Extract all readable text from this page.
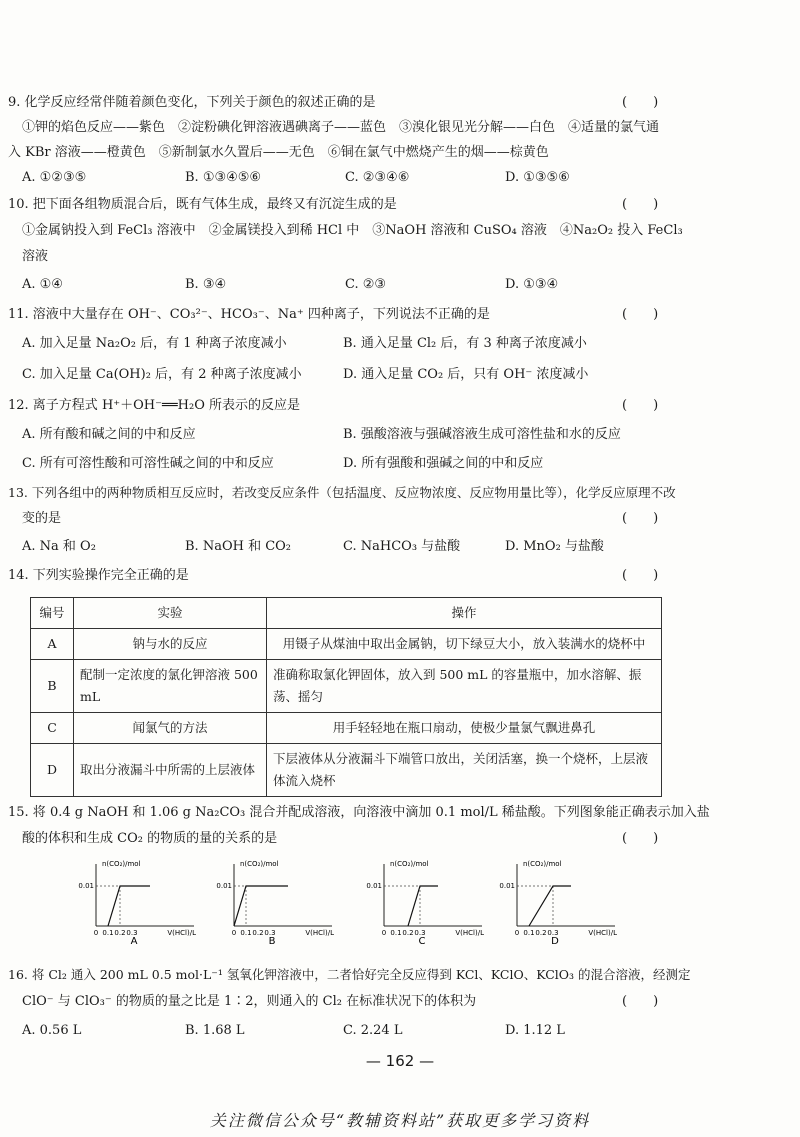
9. 化学反应经常伴随着颜色变化，下列关于颜色的叙述正确的是	(　　)
①钾的焰色反应——紫色　②淀粉碘化钾溶液遇碘离子——蓝色　③溴化银见光分解——白色　④适量的氯气通
入 KBr 溶液——橙黄色　⑤新制氯水久置后——无色　⑥铜在氯气中燃烧产生的烟——棕黄色
A. ①②③⑤	B. ①③④⑤⑥	C. ②③④⑥	D. ①③⑤⑥
10. 把下面各组物质混合后，既有气体生成，最终又有沉淀生成的是	(　　)
①金属钠投入到 FeCl₃ 溶液中　②金属镁投入到稀 HCl 中　③NaOH 溶液和 CuSO₄ 溶液　④Na₂O₂ 投入 FeCl₃
溶液
A. ①④	B. ③④	C. ②③	D. ①③④
11. 溶液中大量存在 OH⁻、CO₃²⁻、HCO₃⁻、Na⁺ 四种离子，下列说法不正确的是	(　　)
A. 加入足量 Na₂O₂ 后，有 1 种离子浓度减小	B. 通入足量 Cl₂ 后，有 3 种离子浓度减小
C. 加入足量 Ca(OH)₂ 后，有 2 种离子浓度减小	D. 通入足量 CO₂ 后，只有 OH⁻ 浓度减小
12. 离子方程式 H⁺＋OH⁻══H₂O 所表示的反应是	(　　)
A. 所有酸和碱之间的中和反应	B. 强酸溶液与强碱溶液生成可溶性盐和水的反应
C. 所有可溶性酸和可溶性碱之间的中和反应	D. 所有强酸和强碱之间的中和反应
13. 下列各组中的两种物质相互反应时，若改变反应条件（包括温度、反应物浓度、反应物用量比等），化学反应原理不改
变的是	(　　)
A. Na 和 O₂	B. NaOH 和 CO₂	C. NaHCO₃ 与盐酸	D. MnO₂ 与盐酸
14. 下列实验操作完全正确的是	(　　)
编号	实验	操作
A	钠与水的反应	用镊子从煤油中取出金属钠，切下绿豆大小，放入装满水的烧杯中
B	配制一定浓度的氯化钾溶液 500 mL	准确称取氯化钾固体，放入到 500 mL 的容量瓶中，加水溶解、振荡、摇匀
C	闻氯气的方法	用手轻轻地在瓶口扇动，使极少量氯气飘进鼻孔
D	取出分液漏斗中所需的上层液体	下层液体从分液漏斗下端管口放出，关闭活塞，换一个烧杯，上层液体流入烧杯
15. 将 0.4 g NaOH 和 1.06 g Na₂CO₃ 混合并配成溶液，向溶液中滴加 0.1 mol/L 稀盐酸。下列图象能正确表示加入盐
酸的体积和生成 CO₂ 的物质的量的关系的是	(　　)
n(CO₂)/mol
0.01
0 0.1 0.2 0.3	V(HCl)/L
A
n(CO₂)/mol
0.01
0 0.1 0.2 0.3	V(HCl)/L
B
n(CO₂)/mol
0.01
0 0.1 0.2 0.3	V(HCl)/L
C
n(CO₂)/mol
0.01
0 0.1 0.2 0.3	V(HCl)/L
D
16. 将 Cl₂ 通入 200 mL 0.5 mol·L⁻¹ 氢氧化钾溶液中，二者恰好完全反应得到 KCl、KClO、KClO₃ 的混合溶液，经测定
ClO⁻ 与 ClO₃⁻ 的物质的量之比是 1∶2，则通入的 Cl₂ 在标准状况下的体积为	(　　)
A. 0.56 L	B. 1.68 L	C. 2.24 L	D. 1.12 L
— 162 —
关注微信公众号“教辅资料站”获取更多学习资料
